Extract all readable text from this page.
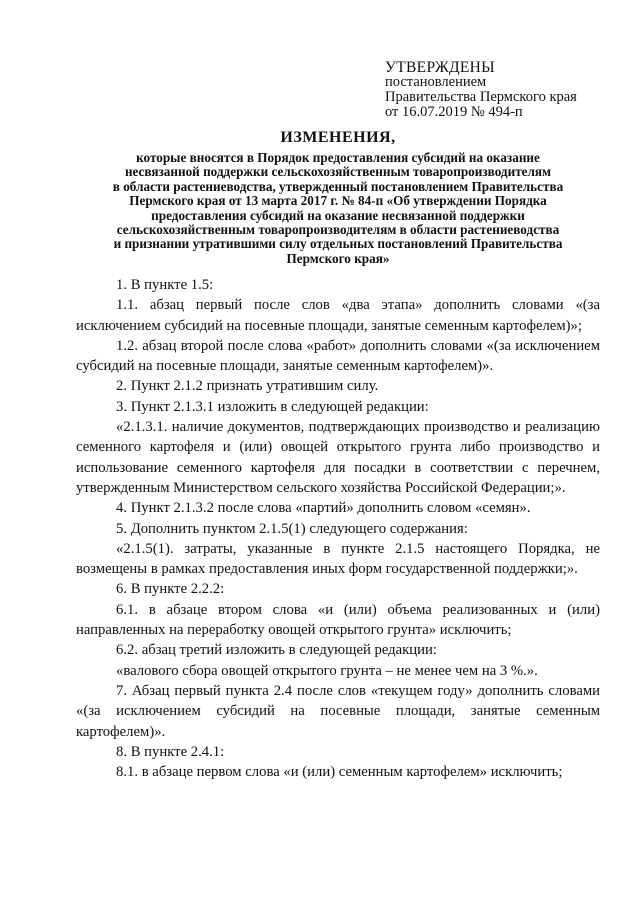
УТВЕРЖДЕНЫ
постановлением
Правительства Пермского края
от 16.07.2019 № 494-п
ИЗМЕНЕНИЯ,
которые вносятся в Порядок предоставления субсидий на оказание
несвязанной поддержки сельскохозяйственным товаропроизводителям
в области растениеводства, утвержденный постановлением Правительства
Пермского края от 13 марта 2017 г. № 84-п «Об утверждении Порядка
предоставления субсидий на оказание несвязанной поддержки
сельскохозяйственным товаропроизводителям в области растениеводства
и признании утратившими силу отдельных постановлений Правительства
Пермского края»

1. В пункте 1.5:

1.1. абзац первый после слов «два этапа» дополнить словами «(за исключением субсидий на посевные площади, занятые семенным картофелем)»;

1.2. абзац второй после слова «работ» дополнить словами «(за исключением субсидий на посевные площади, занятые семенным картофелем)».

2. Пункт 2.1.2 признать утратившим силу.

3. Пункт 2.1.3.1 изложить в следующей редакции:

«2.1.3.1. наличие документов, подтверждающих производство и реализацию семенного картофеля и (или) овощей открытого грунта либо производство и использование семенного картофеля для посадки в соответствии с перечнем, утвержденным Министерством сельского хозяйства Российской Федерации;».

4. Пункт 2.1.3.2 после слова «партий» дополнить словом «семян».

5. Дополнить пунктом 2.1.5(1) следующего содержания:

«2.1.5(1). затраты, указанные в пункте 2.1.5 настоящего Порядка, не возмещены в рамках предоставления иных форм государственной поддержки;».

6. В пункте 2.2.2:

6.1. в абзаце втором слова «и (или) объема реализованных и (или) направленных на переработку овощей открытого грунта» исключить;

6.2. абзац третий изложить в следующей редакции:

«валового сбора овощей открытого грунта – не менее чем на 3 %.».

7. Абзац первый пункта 2.4 после слов «текущем году» дополнить словами «(за исключением субсидий на посевные площади, занятые семенным картофелем)».

8. В пункте 2.4.1:

8.1. в абзаце первом слова «и (или) семенным картофелем» исключить;
